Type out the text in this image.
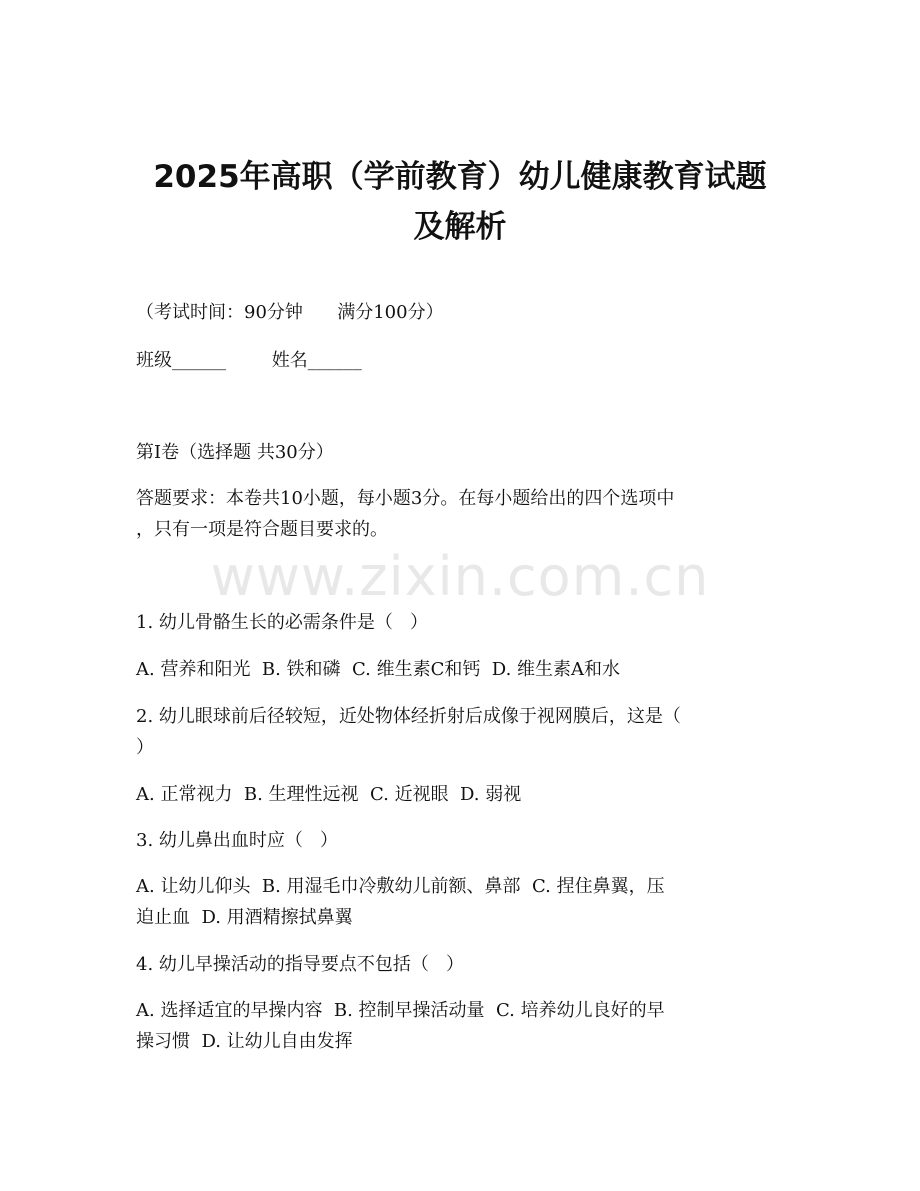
2025年高职（学前教育）幼儿健康教育试题
及解析

（考试时间：90分钟      满分100分）

班级______        姓名______

第I卷（选择题 共30分）

答题要求：本卷共10小题，每小题3分。在每小题给出的四个选项中

，只有一项是符合题目要求的。

www.zixin.com.cn

1. 幼儿骨骼生长的必需条件是（   ）

A. 营养和阳光  B. 铁和磷  C. 维生素C和钙  D. 维生素A和水

2. 幼儿眼球前后径较短，近处物体经折射后成像于视网膜后，这是（

）

A. 正常视力  B. 生理性远视  C. 近视眼  D. 弱视

3. 幼儿鼻出血时应（   ）

A. 让幼儿仰头  B. 用湿毛巾冷敷幼儿前额、鼻部  C. 捏住鼻翼，压

迫止血  D. 用酒精擦拭鼻翼

4. 幼儿早操活动的指导要点不包括（   ）

A. 选择适宜的早操内容  B. 控制早操活动量  C. 培养幼儿良好的早

操习惯  D. 让幼儿自由发挥
